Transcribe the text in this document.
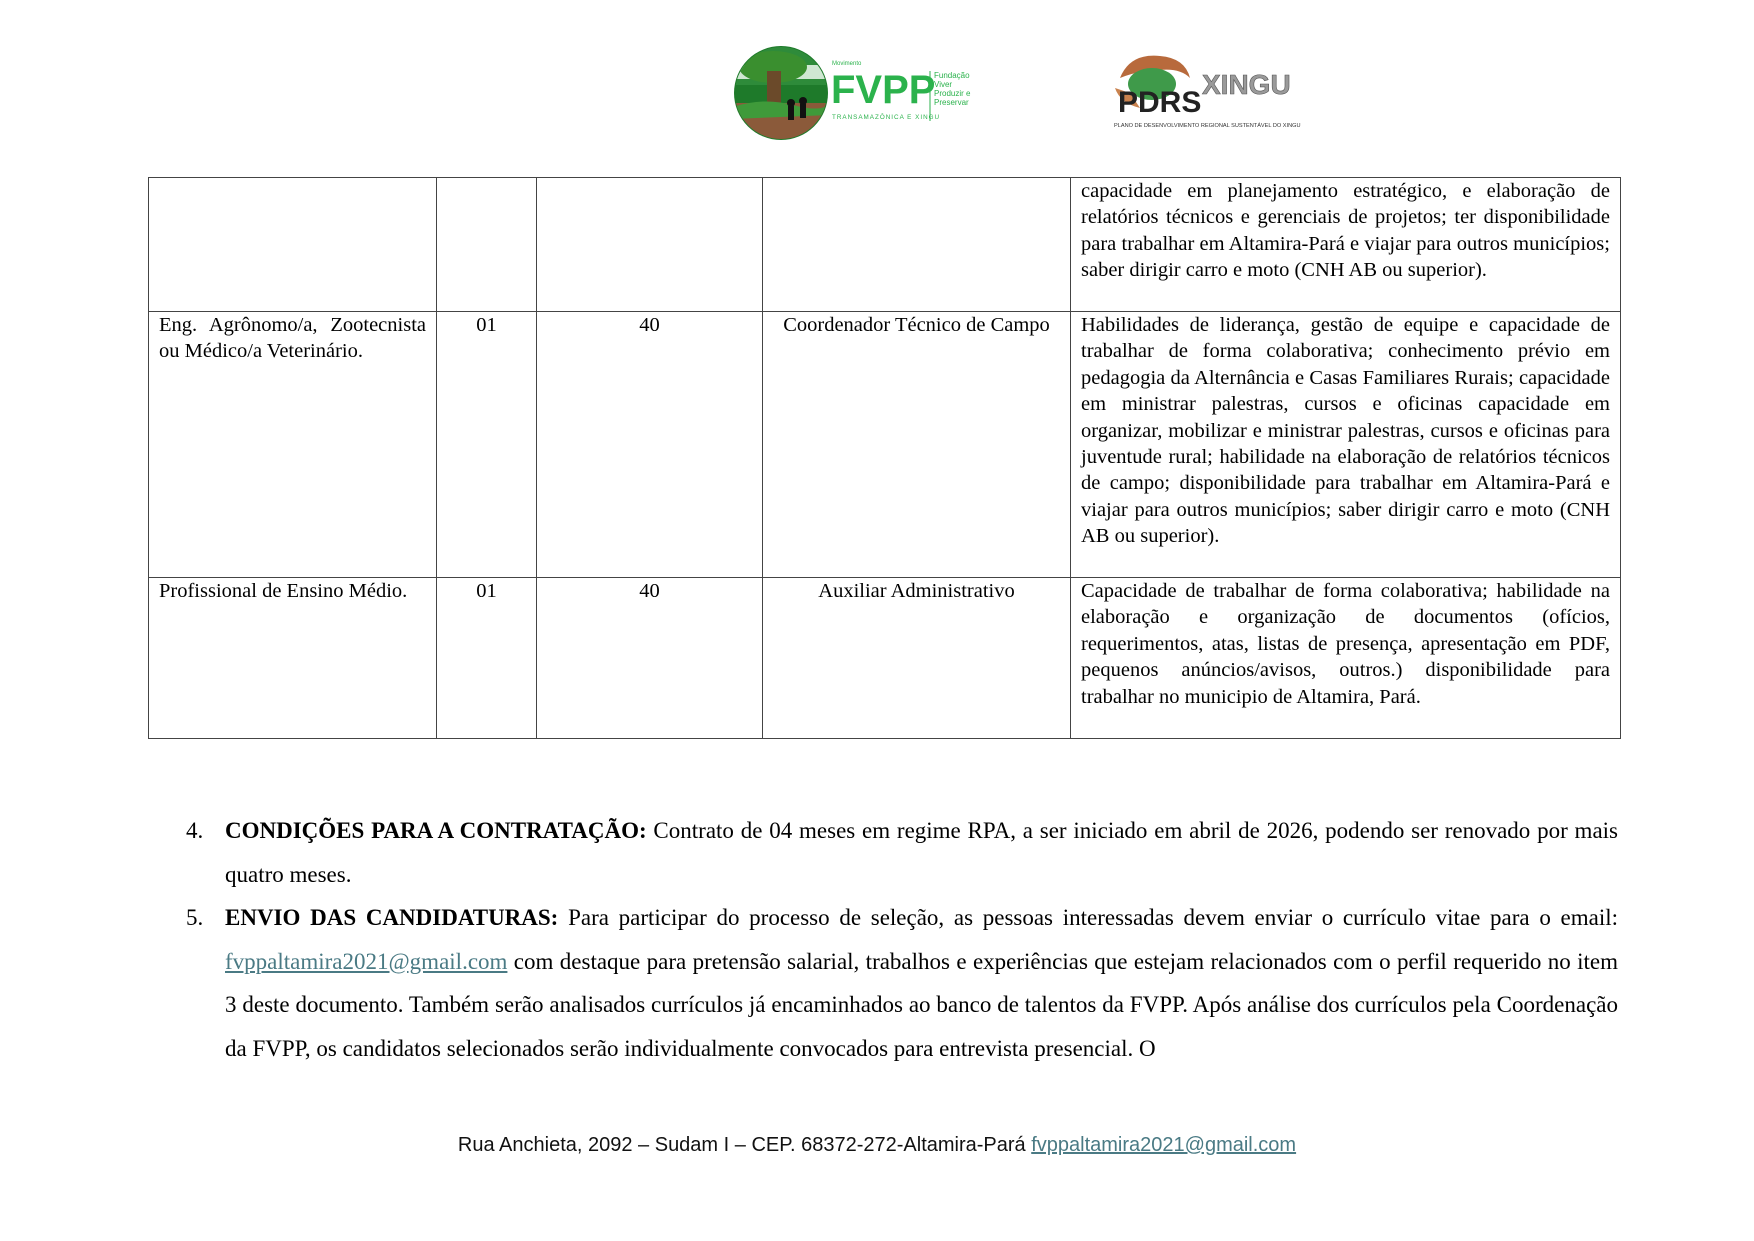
Movimento
FVPP
Fundação
Viver
Produzir e
Preservar
TRANSAMAZÔNICA E XINGU	PDRS
XINGU
PLANO DE DESENVOLVIMENTO REGIONAL SUSTENTÁVEL DO XINGU
				capacidade em planejamento estratégico, e elaboração de relatórios técnicos e gerenciais de projetos; ter disponibilidade para trabalhar em Altamira-Pará e viajar para outros municípios; saber dirigir carro e moto (CNH AB ou superior).
Eng. Agrônomo/a, Zootecnista ou Médico/a Veterinário.	01	40	Coordenador Técnico de Campo	Habilidades de liderança, gestão de equipe e capacidade de trabalhar de forma colaborativa; conhecimento prévio em pedagogia da Alternância e Casas Familiares Rurais; capacidade em ministrar palestras, cursos e oficinas capacidade em organizar, mobilizar e ministrar palestras, cursos e oficinas para juventude rural; habilidade na elaboração de relatórios técnicos de campo; disponibilidade para trabalhar em Altamira-Pará e viajar para outros municípios; saber dirigir carro e moto (CNH AB ou superior).
Profissional de Ensino Médio.	01	40	Auxiliar Administrativo	Capacidade de trabalhar de forma colaborativa; habilidade na elaboração e organização de documentos (ofícios, requerimentos, atas, listas de presença, apresentação em PDF, pequenos anúncios/avisos, outros.) disponibilidade para trabalhar no municipio de Altamira, Pará.
4. CONDIÇÕES PARA A CONTRATAÇÃO: Contrato de 04 meses em regime RPA, a ser iniciado em abril de 2026, podendo ser renovado por mais quatro meses.
5. ENVIO DAS CANDIDATURAS: Para participar do processo de seleção, as pessoas interessadas devem enviar o currículo vitae para o email: fvppaltamira2021@gmail.com com destaque para pretensão salarial, trabalhos e experiências que estejam relacionados com o perfil requerido no item 3 deste documento. Também serão analisados currículos já encaminhados ao banco de talentos da FVPP. Após análise dos currículos pela Coordenação da FVPP, os candidatos selecionados serão individualmente convocados para entrevista presencial. O
Rua Anchieta, 2092 – Sudam I – CEP. 68372-272-Altamira-Pará fvppaltamira2021@gmail.com
